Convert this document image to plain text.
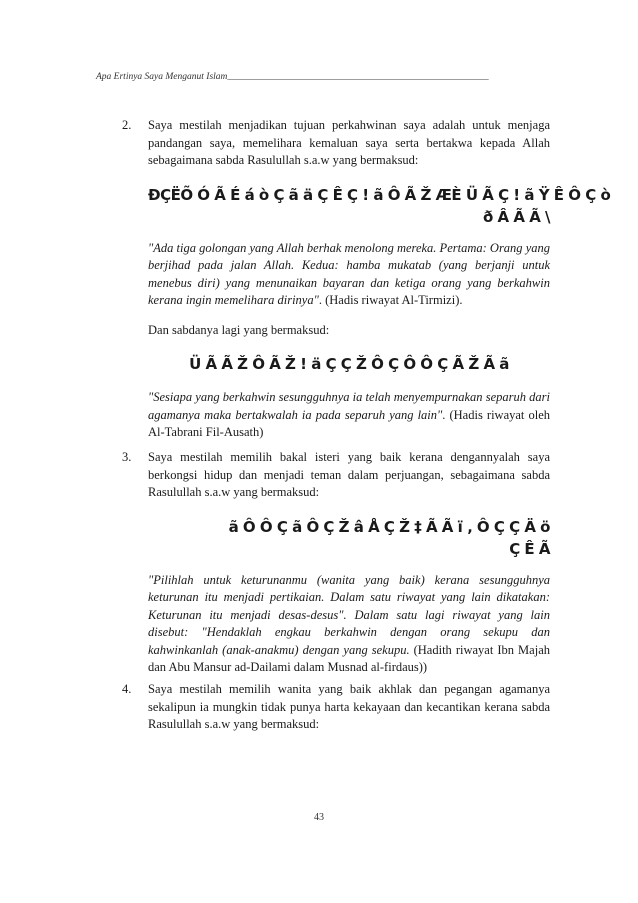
Apa Ertinya Saya Menganut Islam_______________________________________________________
2. Saya mestilah menjadikan tujuan perkahwinan saya adalah untuk menjaga pandangan saya, memelihara kemaluan saya serta bertakwa kepada Allah sebagaimana sabda Rasulullah s.a.w yang bermaksud:

ÐÇËÕ Ó Ã É á ò Ç ã ä Ç Ê Ç ! ã Ô Ã Ž ÆÈ Ü Ã Ç ! ã Ÿ Ê Ô Ç ò
ð Â Ã Ã \

"Ada tiga golongan yang Allah berhak menolong mereka. Pertama: Orang yang berjihad pada jalan Allah. Kedua: hamba mukatab (yang berjanji untuk menebus diri) yang menunaikan bayaran dan ketiga orang yang berkahwin kerana ingin memelihara dirinya". (Hadis riwayat Al-Tirmizi).

Dan sabdanya lagi yang bermaksud:

Ü Ã Ã Ž Ô Ã Ž ! ä Ç Ç Ž Ô Ç Ô Ô Ç Ã Ž Ã ã

"Sesiapa yang berkahwin sesungguhnya ia telah menyempurnakan separuh dari agamanya maka bertakwalah ia pada separuh yang lain". (Hadis riwayat oleh Al-Tabrani Fil-Ausath)

3. Saya mestilah memilih bakal isteri yang baik kerana dengannyalah saya berkongsi hidup dan menjadi teman dalam perjuangan, sebagaimana sabda Rasulullah s.a.w yang bermaksud:

ã Ô Ô Ç ã Ô Ç Ž â Å Ç Ž ‡ Ã Ã ï ‚ Ô Ç Ç Ä ö
Ç Ê Ã

"Pilihlah untuk keturunanmu (wanita yang baik) kerana sesungguhnya keturunan itu menjadi pertikaian. Dalam satu riwayat yang lain dikatakan: Keturunan itu menjadi desas-desus". Dalam satu lagi riwayat yang lain disebut: "Hendaklah engkau berkahwin dengan orang sekupu dan kahwinkanlah (anak-anakmu) dengan yang sekupu. (Hadith riwayat Ibn Majah dan Abu Mansur ad-Dailami dalam Musnad al-firdaus))

4. Saya mestilah memilih wanita yang baik akhlak dan pegangan agamanya sekalipun ia mungkin tidak punya harta kekayaan dan kecantikan kerana sabda Rasulullah s.a.w yang bermaksud:

43
